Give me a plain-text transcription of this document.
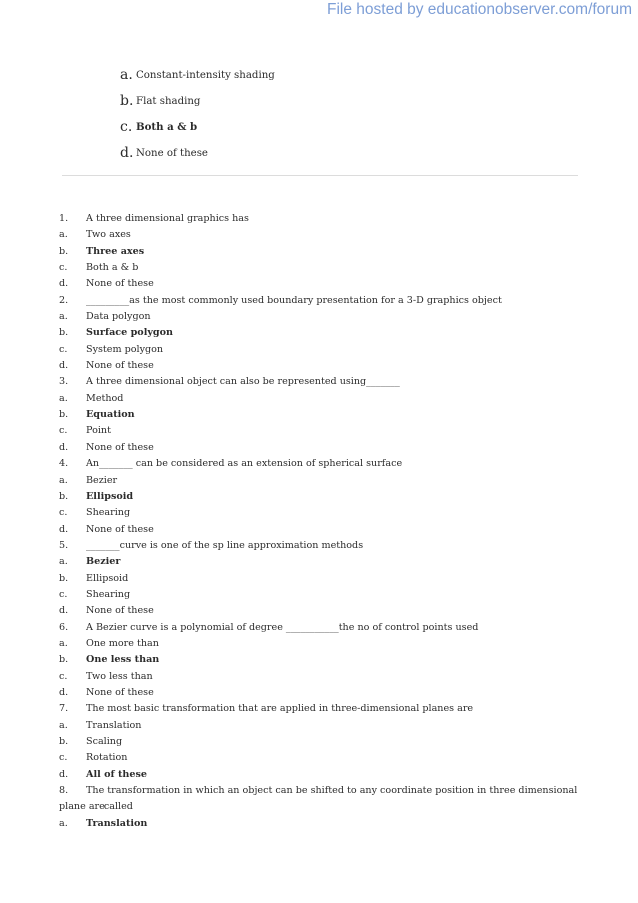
File hosted by educationobserver.com/forum
a. Constant-intensity shading
b. Flat shading
c. Both a & b
d. None of these
1.	A three dimensional graphics has
a.	Two axes
b.	Three axes
c.	Both a & b
d.	None of these
2.	_________as the most commonly used boundary presentation for a 3-D graphics object
a.	Data polygon
b.	Surface polygon
c.	System polygon
d.	None of these
3.	A three dimensional object can also be represented using_______
a.	Method
b.	Equation
c.	Point
d.	None of these
4.	An_______ can be considered as an extension of spherical surface
a.	Bezier
b.	Ellipsoid
c.	Shearing
d.	None of these
5.	_______curve is one of the sp line approximation methods
a.	Bezier
b.	Ellipsoid
c.	Shearing
d.	None of these
6.	A Bezier curve is a polynomial of degree ___________the no of control points used
a.	One more than
b.	One less than
c.	Two less than
d.	None of these
7.	The most basic transformation that are applied in three-dimensional planes are
a.	Translation
b.	Scaling
c.	Rotation
d.	All of these
8. The transformation in which an object can be shifted to any coordinate position in three dimensional plane are called
a.	Translation
